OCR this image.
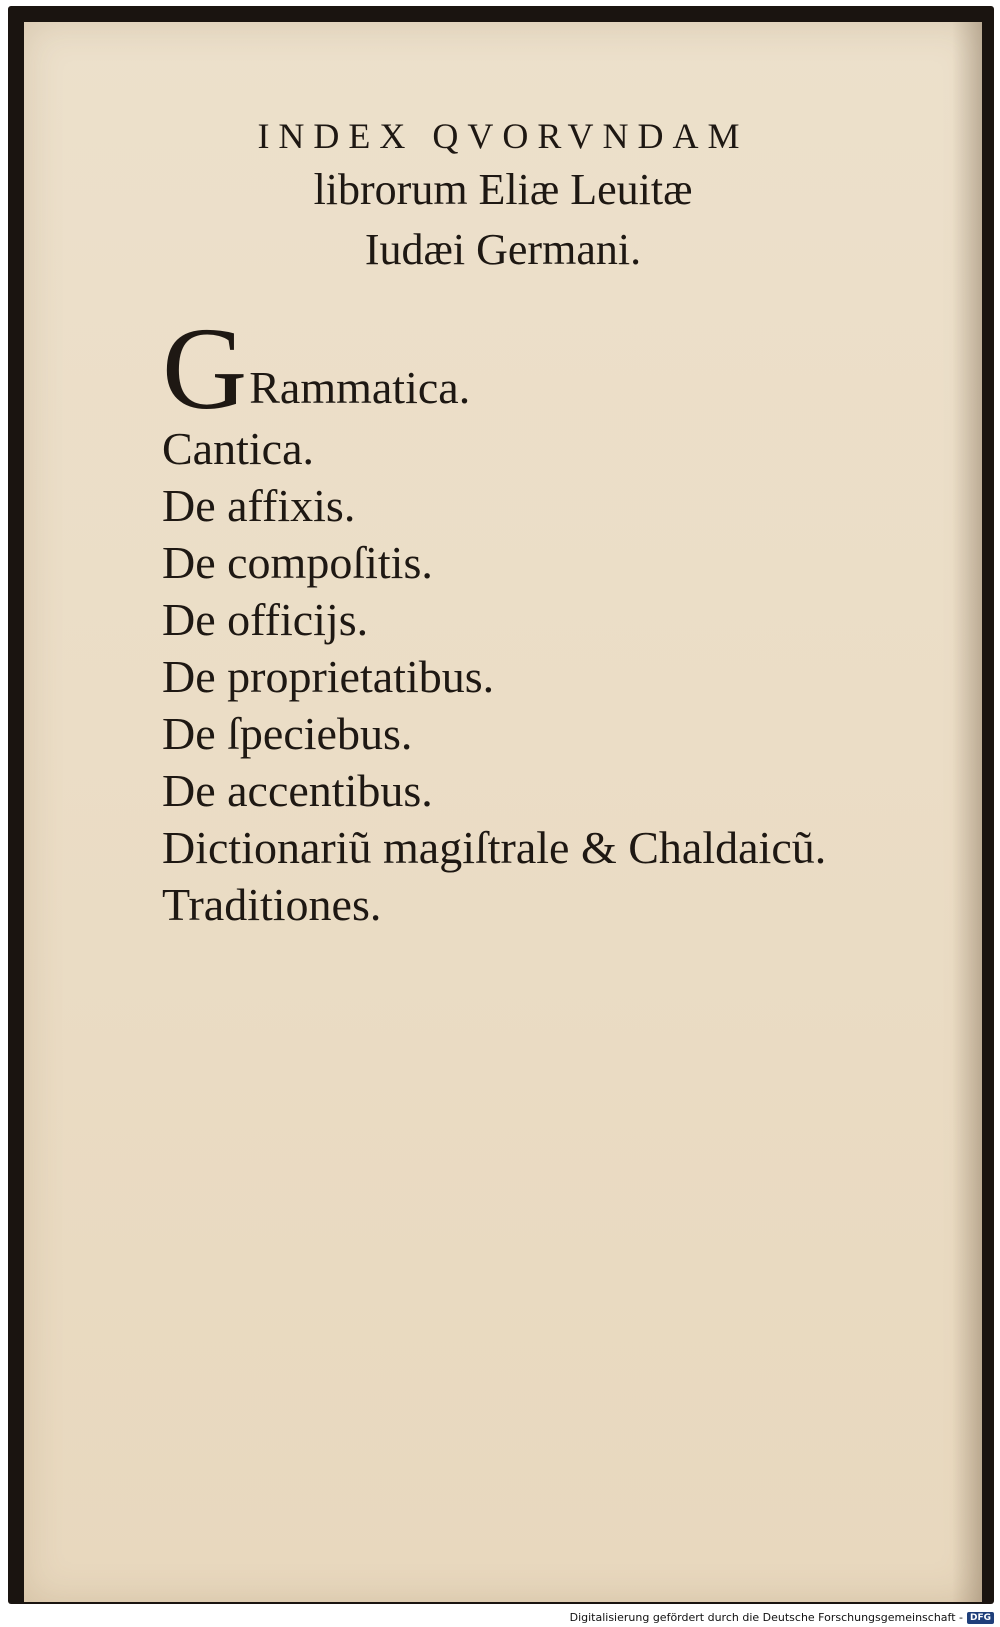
INDEX QVORVNDAM
librorum Eliæ Leuitæ
Iudæi Germani.
G Rammatica.
Cantica.
De affixis.
De compoſitis.
De officijs.
De proprietatibus.
De ſpeciebus.
De accentibus.
Dictionariũ magiſtrale & Chaldaicũ.
Traditiones.
Digitalisierung gefördert durch die Deutsche Forschungsgemeinschaft - DFG
